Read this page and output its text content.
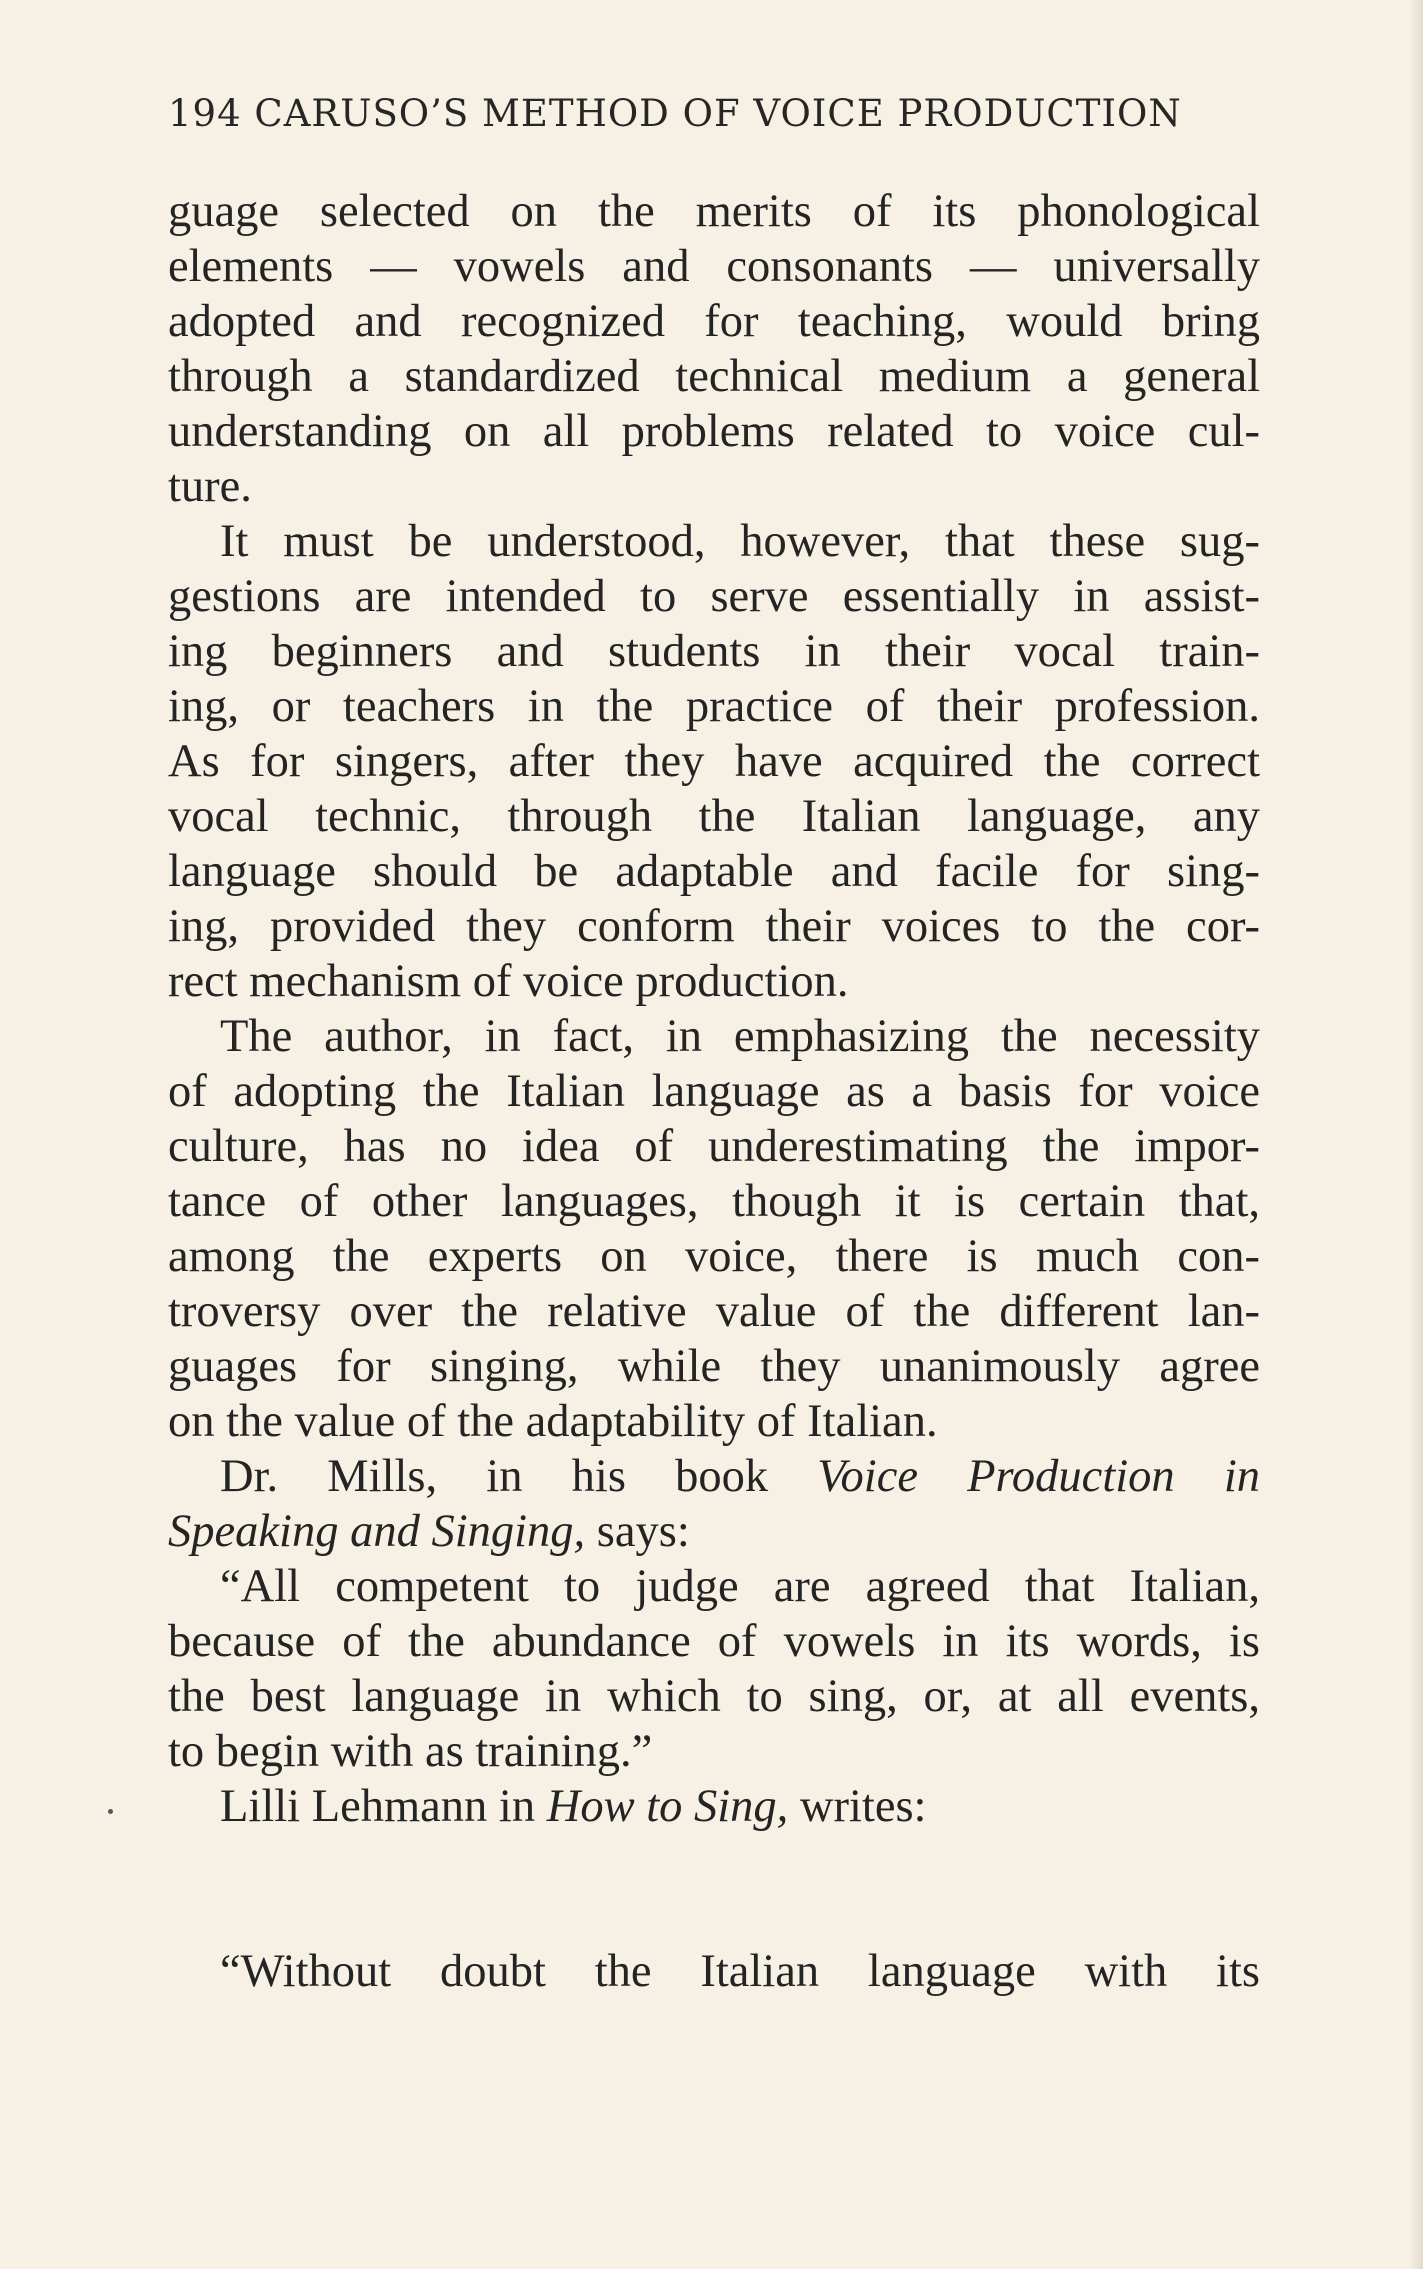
194 CARUSO’S METHOD OF VOICE PRODUCTION
guage selected on the merits of its phonological
elements — vowels and consonants — universally
adopted and recognized for teaching, would bring
through a standardized technical medium a general
understanding on all problems related to voice cul-
ture.
It must be understood, however, that these sug-
gestions are intended to serve essentially in assist-
ing beginners and students in their vocal train-
ing, or teachers in the practice of their profession.
As for singers, after they have acquired the correct
vocal technic, through the Italian language, any
language should be adaptable and facile for sing-
ing, provided they conform their voices to the cor-
rect mechanism of voice production.
The author, in fact, in emphasizing the necessity
of adopting the Italian language as a basis for voice
culture, has no idea of underestimating the impor-
tance of other languages, though it is certain that,
among the experts on voice, there is much con-
troversy over the relative value of the different lan-
guages for singing, while they unanimously agree
on the value of the adaptability of Italian.
Dr. Mills, in his book Voice Production in
Speaking and Singing, says:
“All competent to judge are agreed that Italian,
because of the abundance of vowels in its words, is
the best language in which to sing, or, at all events,
to begin with as training.”
Lilli Lehmann in How to Sing, writes:
“Without doubt the Italian language with its
